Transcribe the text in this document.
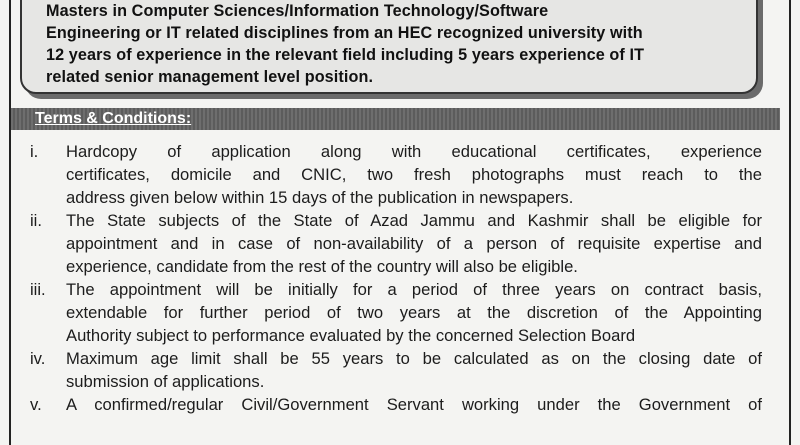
Masters in Computer Sciences/Information Technology/Software
Engineering or IT related disciplines from an HEC recognized university with
12 years of experience in the relevant field including 5 years experience of IT
related senior management level position.
Terms & Conditions:
i.	Hardcopy of application along with educational certificates, experience
certificates, domicile and CNIC, two fresh photographs must reach to the
address given below within 15 days of the publication in newspapers.
ii.	The State subjects of the State of Azad Jammu and Kashmir shall be eligible for
appointment and in case of non-availability of a person of requisite expertise and
experience, candidate from the rest of the country will also be eligible.
iii.	The appointment will be initially for a period of three years on contract basis,
extendable for further period of two years at the discretion of the Appointing
Authority subject to performance evaluated by the concerned Selection Board
iv.	Maximum age limit shall be 55 years to be calculated as on the closing date of
submission of applications.
v.	A confirmed/regular Civil/Government Servant working under the Government of
